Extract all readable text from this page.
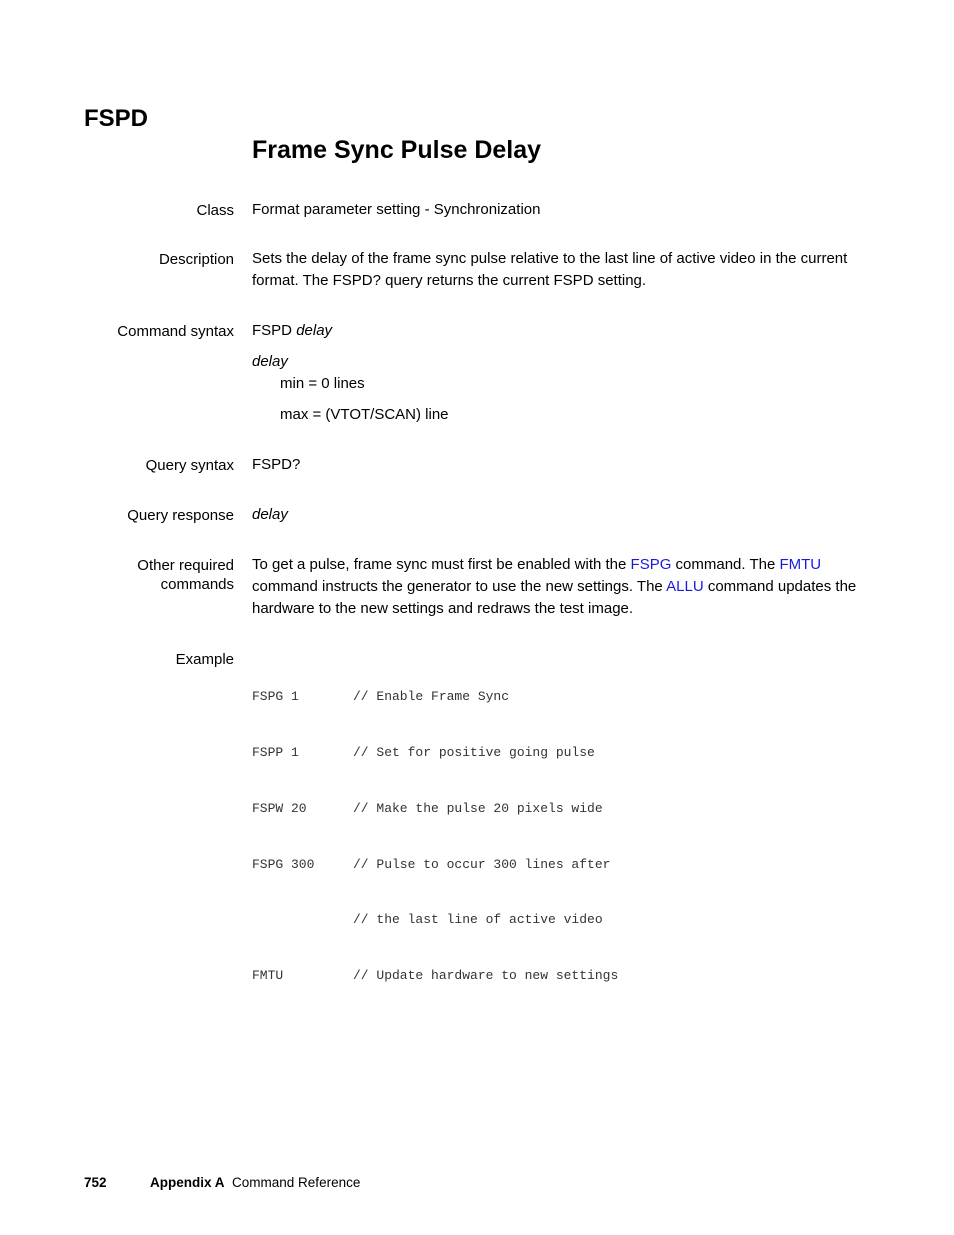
FSPD
Frame Sync Pulse Delay
Class Format parameter setting - Synchronization
Description Sets the delay of the frame sync pulse relative to the last line of active video in the current format. The FSPD? query returns the current FSPD setting.
Command syntax FSPD delay
delay
min = 0 lines
max = (VTOT/SCAN) line
Query syntax FSPD?
Query response delay
Other required
commands
To get a pulse, frame sync must first be enabled with the FSPG command. The FMTU command instructs the generator to use the new settings. The ALLU command updates the hardware to the new settings and redraws the test image.
Example

FSPG 1	// Enable Frame Sync

FSPP 1	// Set for positive going pulse

FSPW 20	// Make the pulse 20 pixels wide

FSPG 300	// Pulse to occur 300 lines after

// the last line of active video

FMTU	// Update hardware to new settings

752	Appendix A Command Reference
